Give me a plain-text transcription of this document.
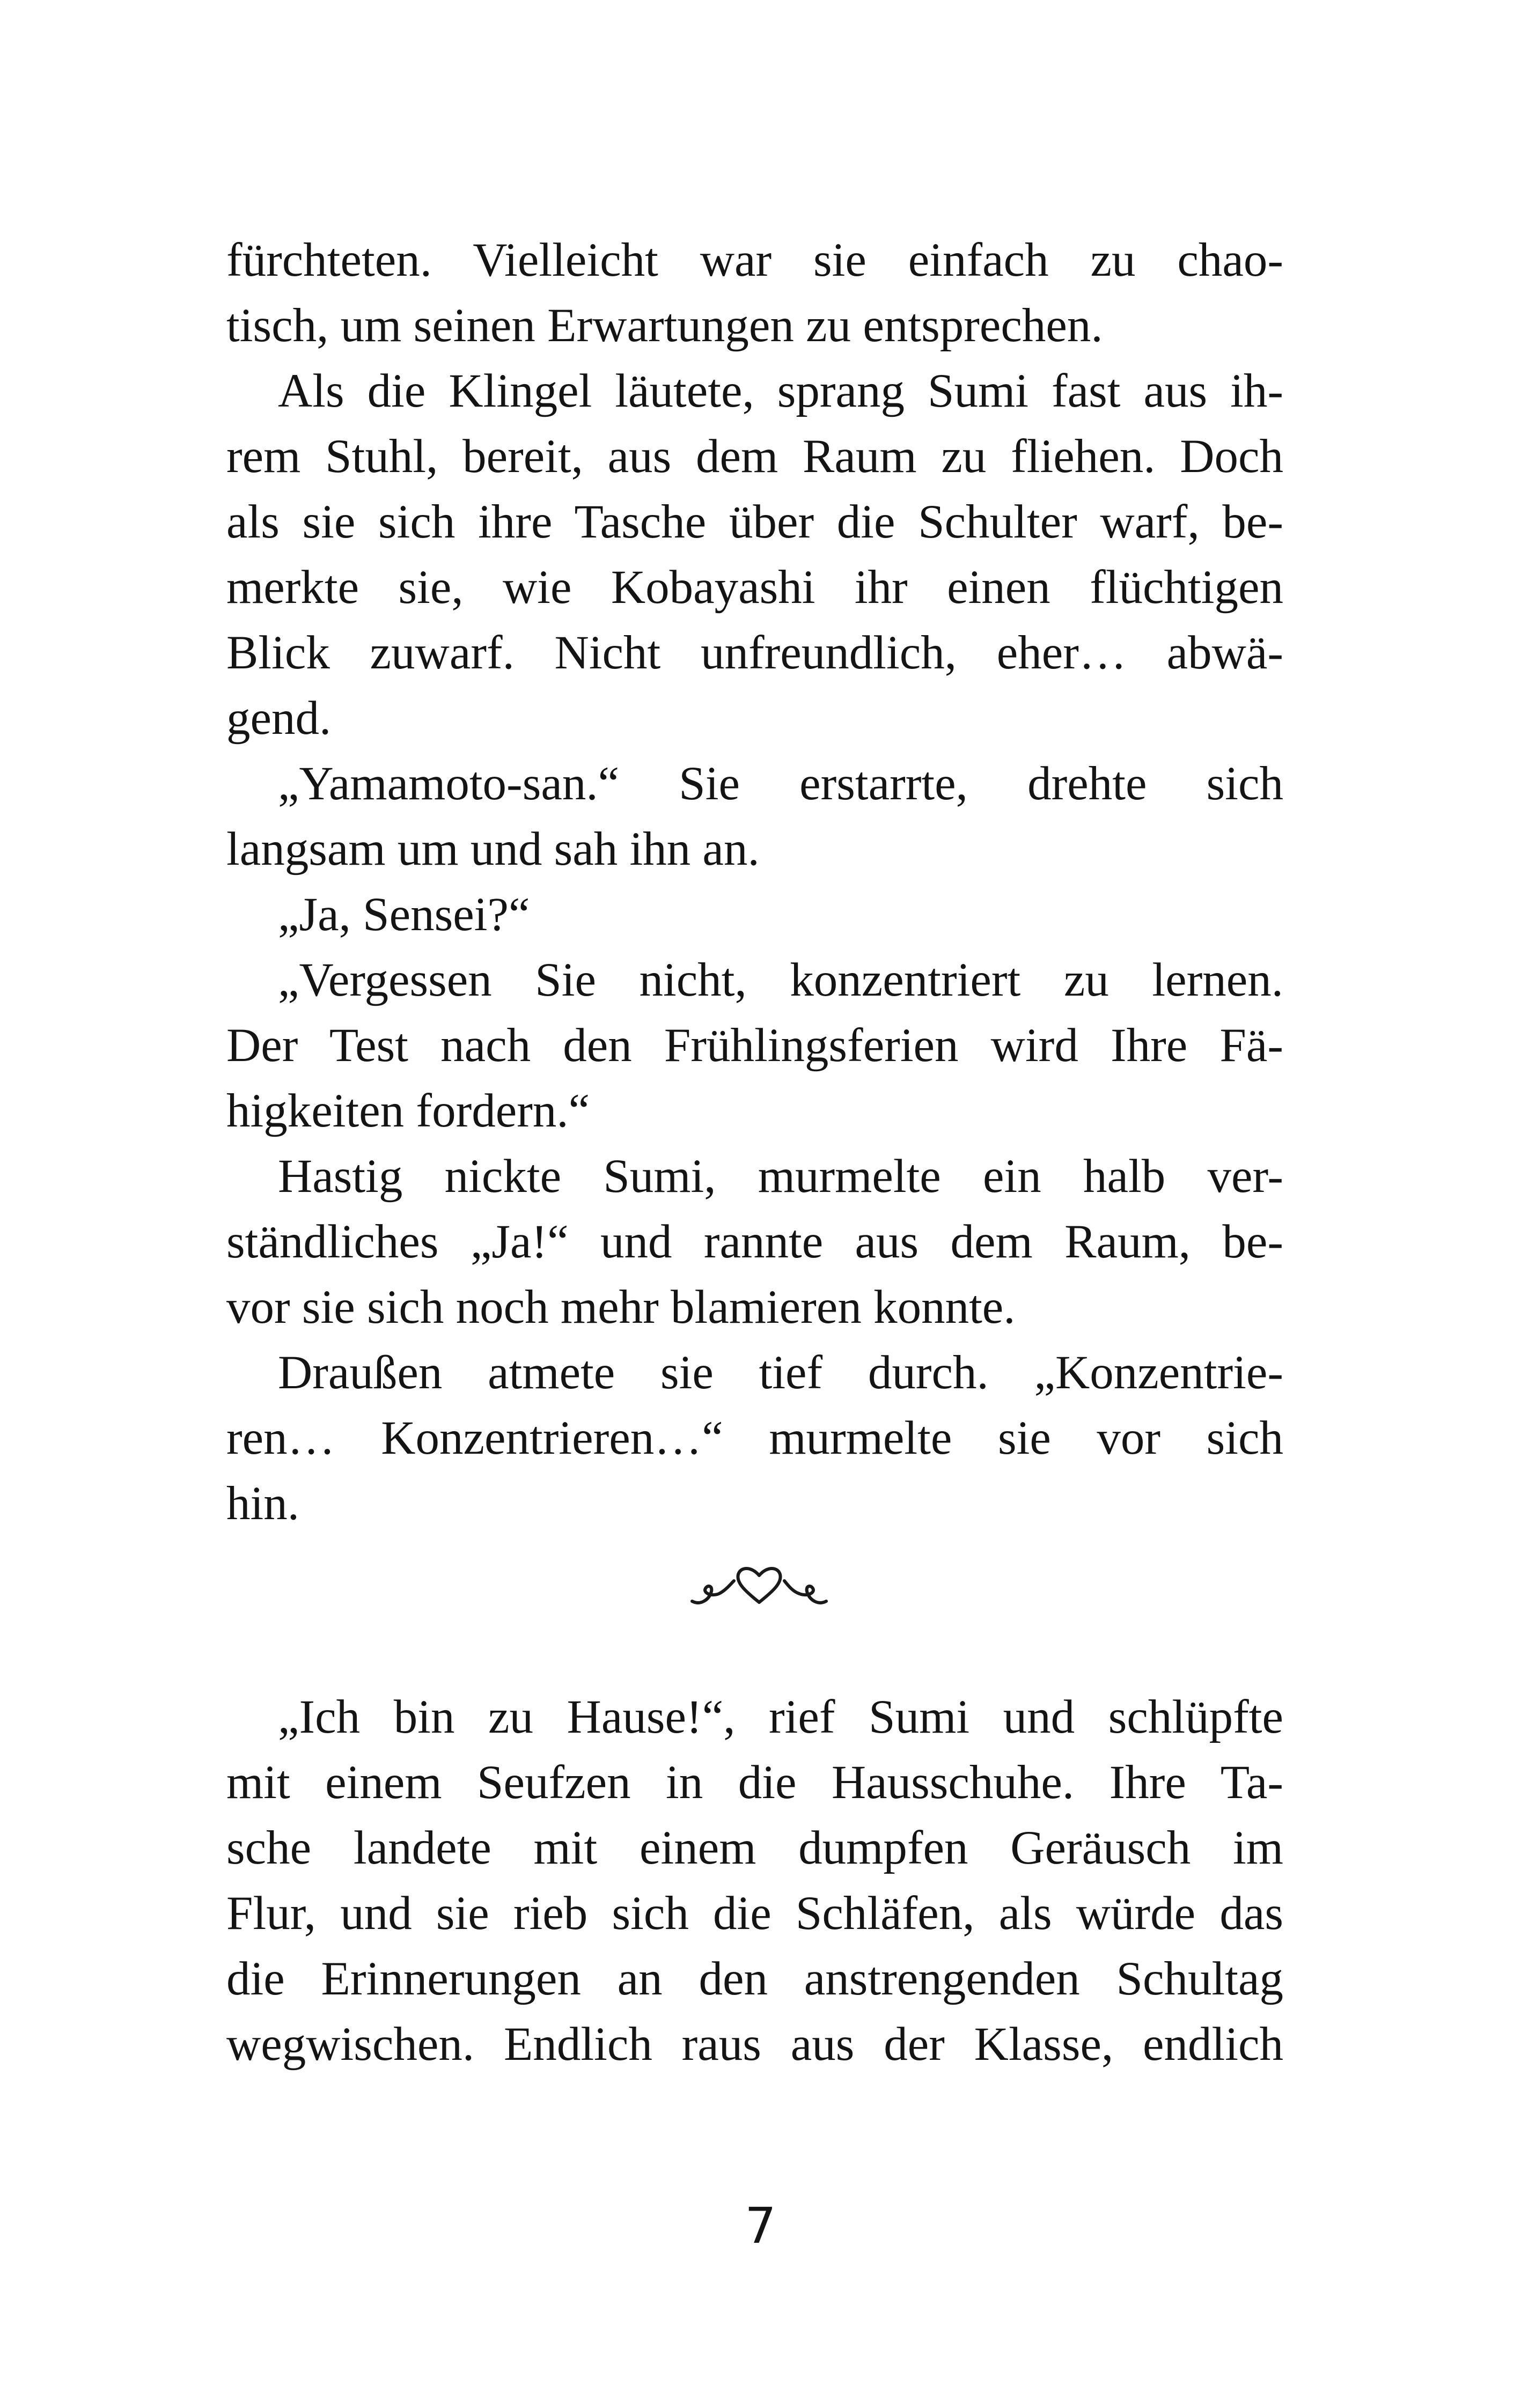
fürchteten. Vielleicht war sie einfach zu chao-
tisch, um seinen Erwartungen zu entsprechen.
Als die Klingel läutete, sprang Sumi fast aus ih-
rem Stuhl, bereit, aus dem Raum zu fliehen. Doch
als sie sich ihre Tasche über die Schulter warf, be-
merkte sie, wie Kobayashi ihr einen flüchtigen
Blick zuwarf. Nicht unfreundlich, eher… abwä-
gend.
„Yamamoto-san.“ Sie erstarrte, drehte sich
langsam um und sah ihn an.
„Ja, Sensei?“
„Vergessen Sie nicht, konzentriert zu lernen.
Der Test nach den Frühlingsferien wird Ihre Fä-
higkeiten fordern.“
Hastig nickte Sumi, murmelte ein halb ver-
ständliches „Ja!“ und rannte aus dem Raum, be-
vor sie sich noch mehr blamieren konnte.
Draußen atmete sie tief durch. „Konzentrie-
ren… Konzentrieren…“ murmelte sie vor sich
hin.
„Ich bin zu Hause!“, rief Sumi und schlüpfte
mit einem Seufzen in die Hausschuhe. Ihre Ta-
sche landete mit einem dumpfen Geräusch im
Flur, und sie rieb sich die Schläfen, als würde das
die Erinnerungen an den anstrengenden Schultag
wegwischen. Endlich raus aus der Klasse, endlich
7
